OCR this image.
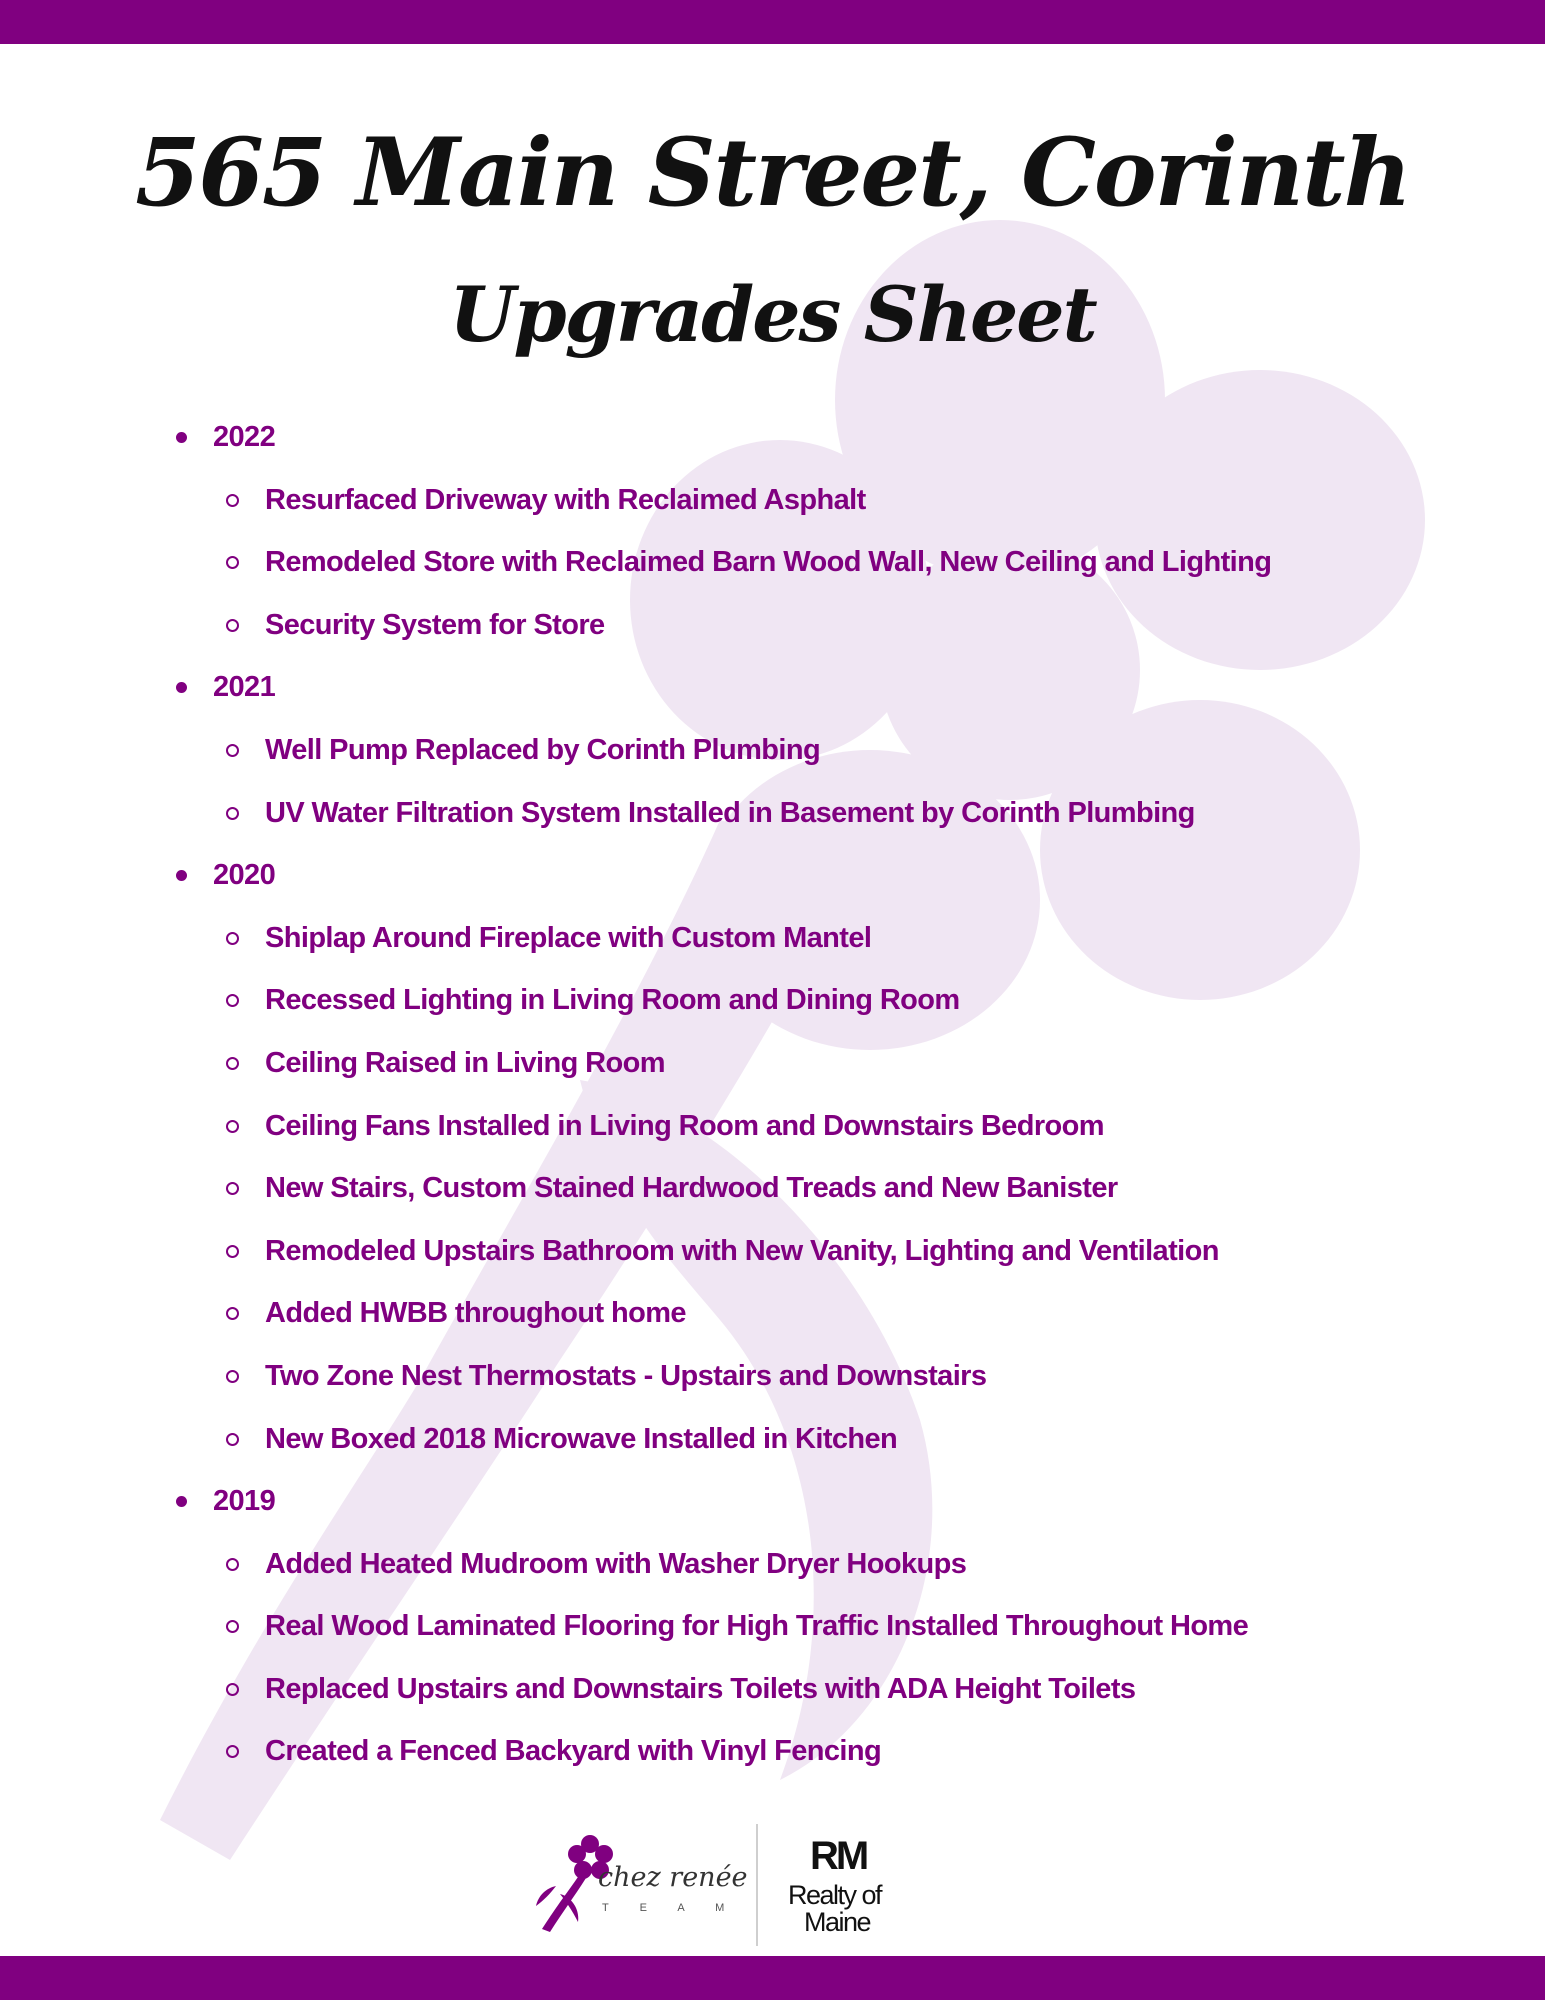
565 Main Street, Corinth
Upgrades Sheet
2022
Resurfaced Driveway with Reclaimed Asphalt
Remodeled Store with Reclaimed Barn Wood Wall, New Ceiling and Lighting
Security System for Store
2021
Well Pump Replaced by Corinth Plumbing
UV Water Filtration System Installed in Basement by Corinth Plumbing
2020
Shiplap Around Fireplace with Custom Mantel
Recessed Lighting in Living Room and Dining Room
Ceiling Raised in Living Room
Ceiling Fans Installed in Living Room and Downstairs Bedroom
New Stairs, Custom Stained Hardwood Treads and New Banister
Remodeled Upstairs Bathroom with New Vanity, Lighting and Ventilation
Added HWBB throughout home
Two Zone Nest Thermostats - Upstairs and Downstairs
New Boxed 2018 Microwave Installed in Kitchen
2019
Added Heated Mudroom with Washer Dryer Hookups
Real Wood Laminated Flooring for High Traffic Installed Throughout Home
Replaced Upstairs and Downstairs Toilets with ADA Height Toilets
Created a Fenced Backyard with Vinyl Fencing
chez renée
T E A M
RM
Realty of
Maine
